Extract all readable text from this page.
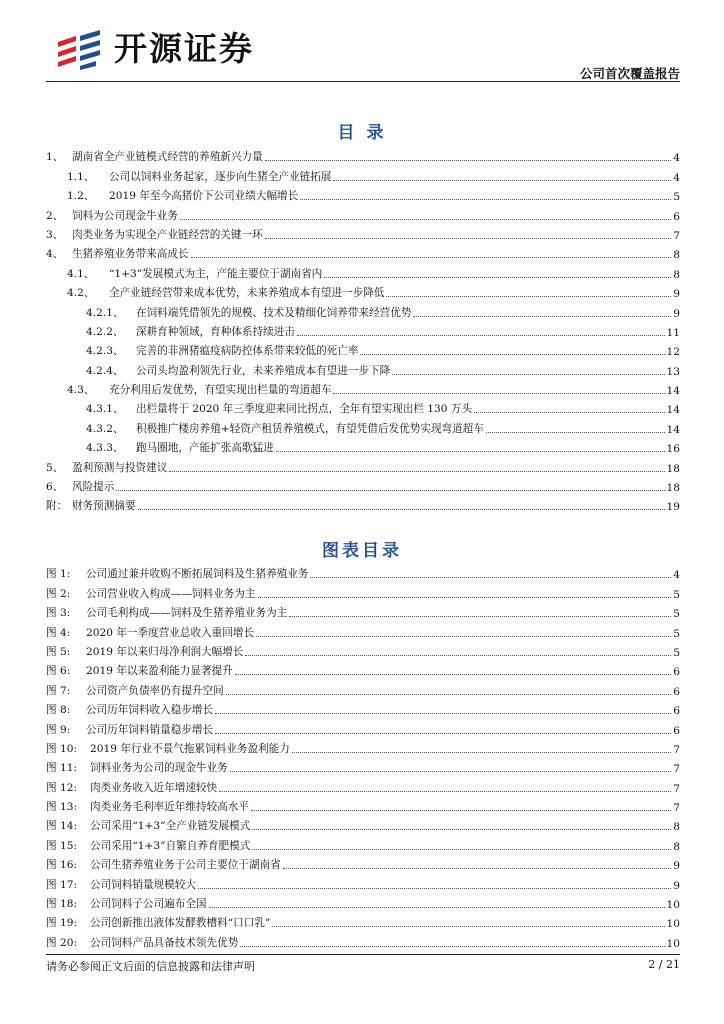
开源证券
公司首次覆盖报告
目 录
1、 湖南省全产业链模式经营的养殖新兴力量	4
1.1、	公司以饲料业务起家，逐步向生猪全产业链拓展	4
1.2、	2019 年至今高猪价下公司业绩大幅增长	5
2、 饲料为公司现金牛业务	6
3、 肉类业务为实现全产业链经营的关键一环	7
4、 生猪养殖业务带来高成长	8
4.1、	“1+3”发展模式为主，产能主要位于湖南省内	8
4.2、	全产业链经营带来成本优势，未来养殖成本有望进一步降低	9
4.2.1、	在饲料端凭借领先的规模、技术及精细化饲养带来经营优势	9
4.2.2、	深耕育种领域，育种体系持续进击	11
4.2.3、	完善的非洲猪瘟疫病防控体系带来较低的死亡率	12
4.2.4、	公司头均盈利领先行业，未来养殖成本有望进一步下降	13
4.3、	充分利用后发优势，有望实现出栏量的弯道超车	14
4.3.1、	出栏量将于 2020 年三季度迎来同比拐点，全年有望实现出栏 130 万头	14
4.3.2、	积极推广楼房养殖+轻资产租赁养殖模式，有望凭借后发优势实现弯道超车	14
4.3.3、	跑马圈地，产能扩张高歌猛进	16
5、 盈利预测与投资建议	18
6、 风险提示	18
附： 财务预测摘要	19
图表目录
图 1:	公司通过兼并收购不断拓展饲料及生猪养殖业务	4
图 2:	公司营业收入构成——饲料业务为主	5
图 3:	公司毛利构成——饲料及生猪养殖业务为主	5
图 4:	2020 年一季度营业总收入重回增长	5
图 5:	2019 年以来归母净利润大幅增长	5
图 6:	2019 年以来盈利能力显著提升	6
图 7:	公司资产负债率仍有提升空间	6
图 8:	公司历年饲料收入稳步增长	6
图 9:	公司历年饲料销量稳步增长	6
图 10:	2019 年行业不景气拖累饲料业务盈利能力	7
图 11:	饲料业务为公司的现金牛业务	7
图 12:	肉类业务收入近年增速较快	7
图 13:	肉类业务毛利率近年维持较高水平	7
图 14:	公司采用“1+3”全产业链发展模式	8
图 15:	公司采用“1+3”自繁自养育肥模式	8
图 16:	公司生猪养殖业务于公司主要位于湖南省	9
图 17:	公司饲料销量规模较大	9
图 18:	公司饲料子公司遍布全国	10
图 19:	公司创新推出液体发酵教槽料“口口乳”	10
图 20:	公司饲料产品具备技术领先优势	10
请务必参阅正文后面的信息披露和法律声明	2 / 21
